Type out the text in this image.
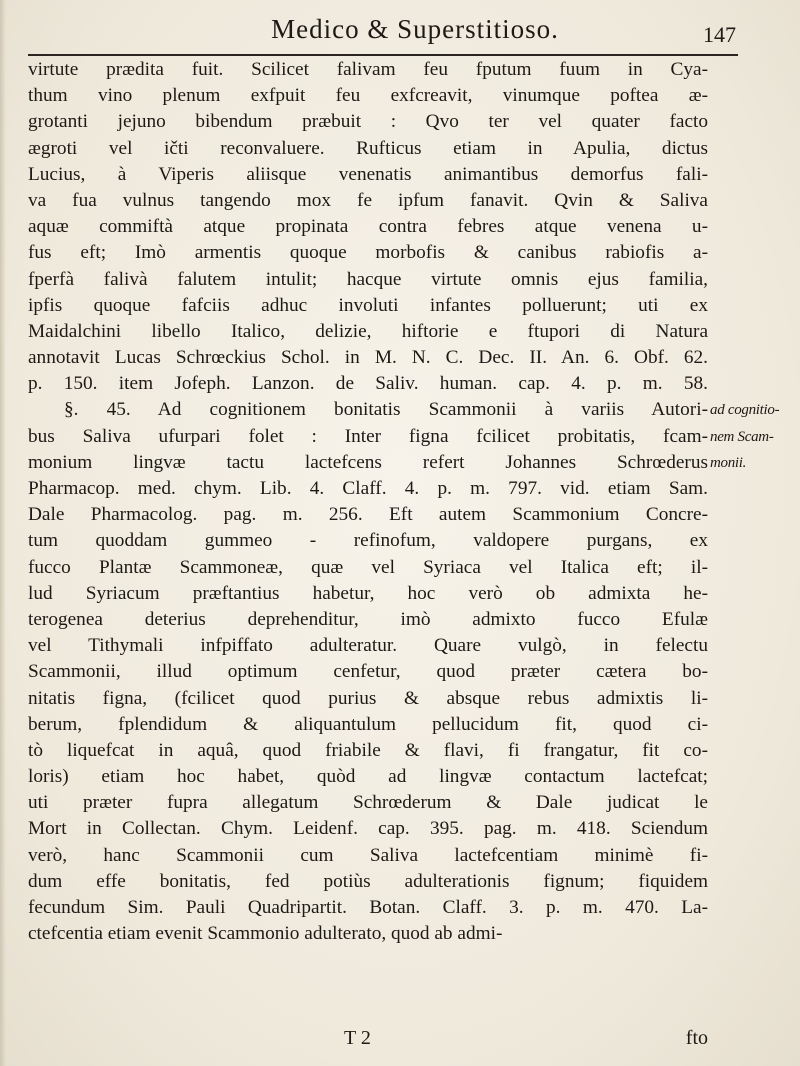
Medico & Superstitioso.	147
virtute prædita fuit. Scilicet falivam feu fputum fuum in Cya-
thum vino plenum exfpuit feu exfcreavit, vinumque poftea æ-
grotanti jejuno bibendum præbuit : Qvo ter vel quater facto
ægroti vel ičti reconvaluere. Rufticus etiam in Apulia, dictus
Lucius, à Viperis aliisque venenatis animantibus demorfus fali-
va fua vulnus tangendo mox fe ipfum fanavit. Qvin & Saliva
aquæ commiftà atque propinata contra febres atque venena u-
fus eft; Imò armentis quoque morbofis & canibus rabiofis a-
fperfà falivà falutem intulit; hacque virtute omnis ejus familia,
ipfis quoque fafciis adhuc involuti infantes polluerunt; uti ex
Maidalchini libello Italico, delizie, hiftorie e ftupori di Natura
annotavit Lucas Schrœckius Schol. in M. N. C. Dec. II. An. 6. Obf. 62.
p. 150. item Jofeph. Lanzon. de Saliv. human. cap. 4. p. m. 58.
§. 45. Ad cognitionem bonitatis Scammonii à variis Autori- ad cognitio-
bus Saliva ufurpari folet : Inter figna fcilicet probitatis, fcam- nem Scam-
monium lingvæ tactu lactefcens refert Johannes Schrœderus monii.
Pharmacop. med. chym. Lib. 4. Claff. 4. p. m. 797. vid. etiam Sam.
Dale Pharmacolog. pag. m. 256. Eft autem Scammonium Concre-
tum quoddam gummeo - refinofum, valdopere purgans, ex
fucco Plantæ Scammoneæ, quæ vel Syriaca vel Italica eft; il-
lud Syriacum præftantius habetur, hoc verò ob admixta he-
terogenea deterius deprehenditur, imò admixto fucco Efulæ
vel Tithymali infpiffato adulteratur. Quare vulgò, in felectu
Scammonii, illud optimum cenfetur, quod præter cætera bo-
nitatis figna, (fcilicet quod purius & absque rebus admixtis li-
berum, fplendidum & aliquantulum pellucidum fit, quod ci-
tò liquefcat in aquâ, quod friabile & flavi, fi frangatur, fit co-
loris) etiam hoc habet, quòd ad lingvæ contactum lactefcat;
uti præter fupra allegatum Schrœderum & Dale judicat le
Mort in Collectan. Chym. Leidenf. cap. 395. pag. m. 418. Sciendum
verò, hanc Scammonii cum Saliva lactefcentiam minimè fi-
dum effe bonitatis, fed potiùs adulterationis fignum; fiquidem
fecundum Sim. Pauli Quadripartit. Botan. Claff. 3. p. m. 470. La-
ctefcentia etiam evenit Scammonio adulterato, quod ab admi-
T 2	fto
